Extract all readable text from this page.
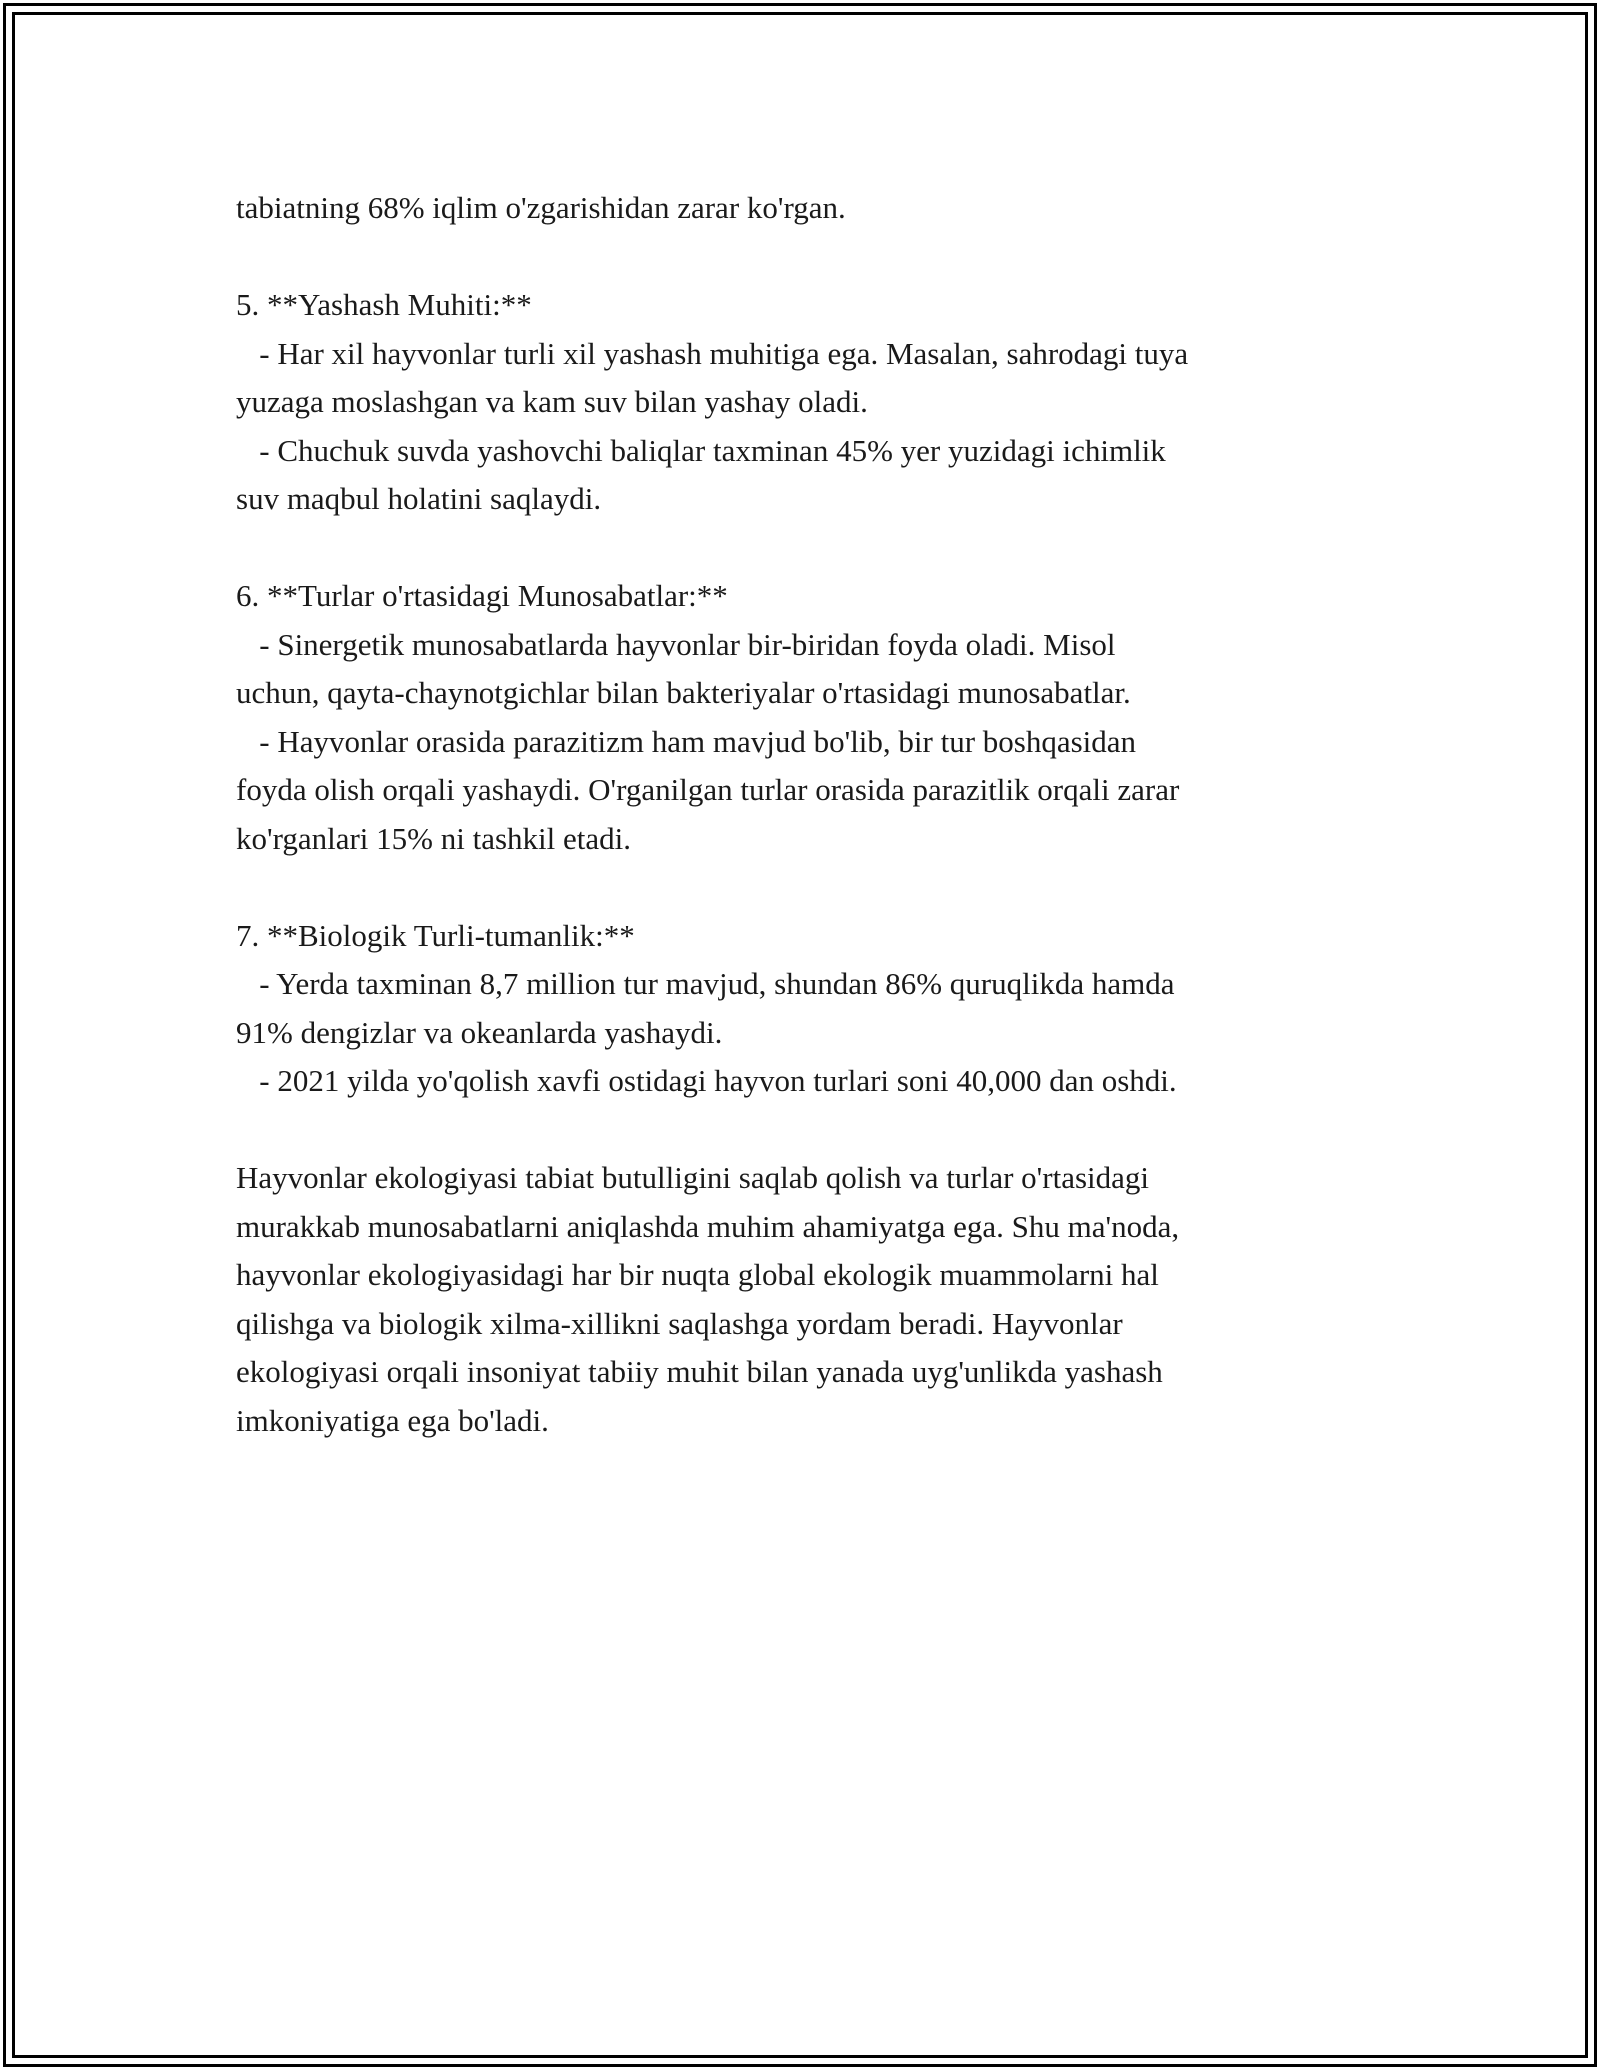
tabiatning 68% iqlim o'zgarishidan zarar ko'rgan.
5. **Yashash Muhiti:**
- Har xil hayvonlar turli xil yashash muhitiga ega. Masalan, sahrodagi tuya
yuzaga moslashgan va kam suv bilan yashay oladi.
- Chuchuk suvda yashovchi baliqlar taxminan 45% yer yuzidagi ichimlik
suv maqbul holatini saqlaydi.
6. **Turlar o'rtasidagi Munosabatlar:**
- Sinergetik munosabatlarda hayvonlar bir-biridan foyda oladi. Misol
uchun, qayta-chaynotgichlar bilan bakteriyalar o'rtasidagi munosabatlar.
- Hayvonlar orasida parazitizm ham mavjud bo'lib, bir tur boshqasidan
foyda olish orqali yashaydi. O'rganilgan turlar orasida parazitlik orqali zarar
ko'rganlari 15% ni tashkil etadi.
7. **Biologik Turli-tumanlik:**
- Yerda taxminan 8,7 million tur mavjud, shundan 86% quruqlikda hamda
91% dengizlar va okeanlarda yashaydi.
- 2021 yilda yo'qolish xavfi ostidagi hayvon turlari soni 40,000 dan oshdi.
Hayvonlar ekologiyasi tabiat butulligini saqlab qolish va turlar o'rtasidagi
murakkab munosabatlarni aniqlashda muhim ahamiyatga ega. Shu ma'noda,
hayvonlar ekologiyasidagi har bir nuqta global ekologik muammolarni hal
qilishga va biologik xilma-xillikni saqlashga yordam beradi. Hayvonlar
ekologiyasi orqali insoniyat tabiiy muhit bilan yanada uyg'unlikda yashash
imkoniyatiga ega bo'ladi.
